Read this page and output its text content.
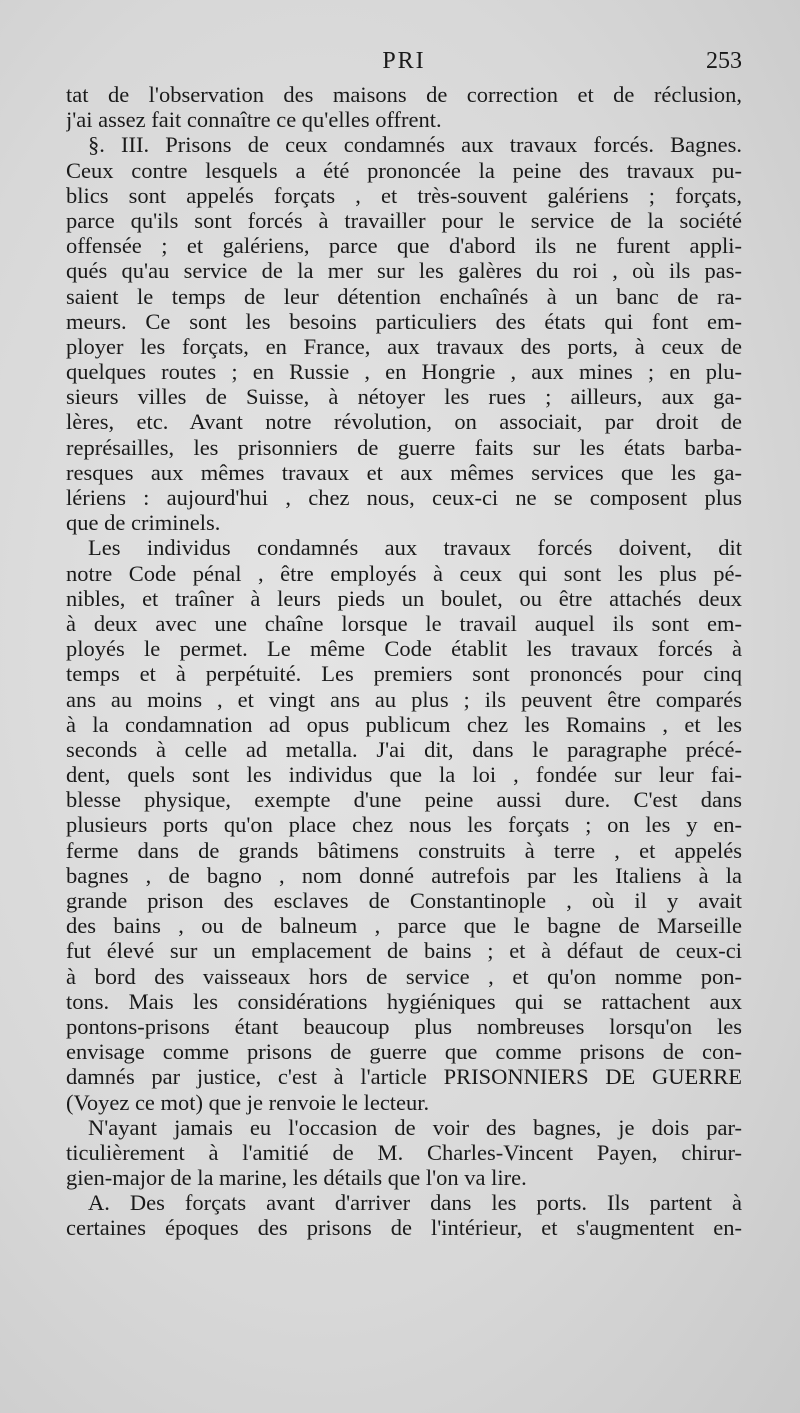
PRI	253
tat de l'observation des maisons de correction et de réclusion,
j'ai assez fait connaître ce qu'elles offrent.
§. III. Prisons de ceux condamnés aux travaux forcés. Bagnes.
Ceux contre lesquels a été prononcée la peine des travaux pu-
blics sont appelés forçats , et très-souvent galériens ; forçats,
parce qu'ils sont forcés à travailler pour le service de la société
offensée ; et galériens, parce que d'abord ils ne furent appli-
qués qu'au service de la mer sur les galères du roi , où ils pas-
saient le temps de leur détention enchaînés à un banc de ra-
meurs. Ce sont les besoins particuliers des états qui font em-
ployer les forçats, en France, aux travaux des ports, à ceux de
quelques routes ; en Russie , en Hongrie , aux mines ; en plu-
sieurs villes de Suisse, à nétoyer les rues ; ailleurs, aux ga-
lères, etc. Avant notre révolution, on associait, par droit de
représailles, les prisonniers de guerre faits sur les états barba-
resques aux mêmes travaux et aux mêmes services que les ga-
lériens : aujourd'hui , chez nous, ceux-ci ne se composent plus
que de criminels.
Les individus condamnés aux travaux forcés doivent, dit
notre Code pénal , être employés à ceux qui sont les plus pé-
nibles, et traîner à leurs pieds un boulet, ou être attachés deux
à deux avec une chaîne lorsque le travail auquel ils sont em-
ployés le permet. Le même Code établit les travaux forcés à
temps et à perpétuité. Les premiers sont prononcés pour cinq
ans au moins , et vingt ans au plus ; ils peuvent être comparés
à la condamnation ad opus publicum chez les Romains , et les
seconds à celle ad metalla. J'ai dit, dans le paragraphe précé-
dent, quels sont les individus que la loi , fondée sur leur fai-
blesse physique, exempte d'une peine aussi dure. C'est dans
plusieurs ports qu'on place chez nous les forçats ; on les y en-
ferme dans de grands bâtimens construits à terre , et appelés
bagnes , de bagno , nom donné autrefois par les Italiens à la
grande prison des esclaves de Constantinople , où il y avait
des bains , ou de balneum , parce que le bagne de Marseille
fut élevé sur un emplacement de bains ; et à défaut de ceux-ci
à bord des vaisseaux hors de service , et qu'on nomme pon-
tons. Mais les considérations hygiéniques qui se rattachent aux
pontons-prisons étant beaucoup plus nombreuses lorsqu'on les
envisage comme prisons de guerre que comme prisons de con-
damnés par justice, c'est à l'article PRISONNIERS DE GUERRE
(Voyez ce mot) que je renvoie le lecteur.
N'ayant jamais eu l'occasion de voir des bagnes, je dois par-
ticulièrement à l'amitié de M. Charles-Vincent Payen, chirur-
gien-major de la marine, les détails que l'on va lire.
A. Des forçats avant d'arriver dans les ports. Ils partent à
certaines époques des prisons de l'intérieur, et s'augmentent en-
